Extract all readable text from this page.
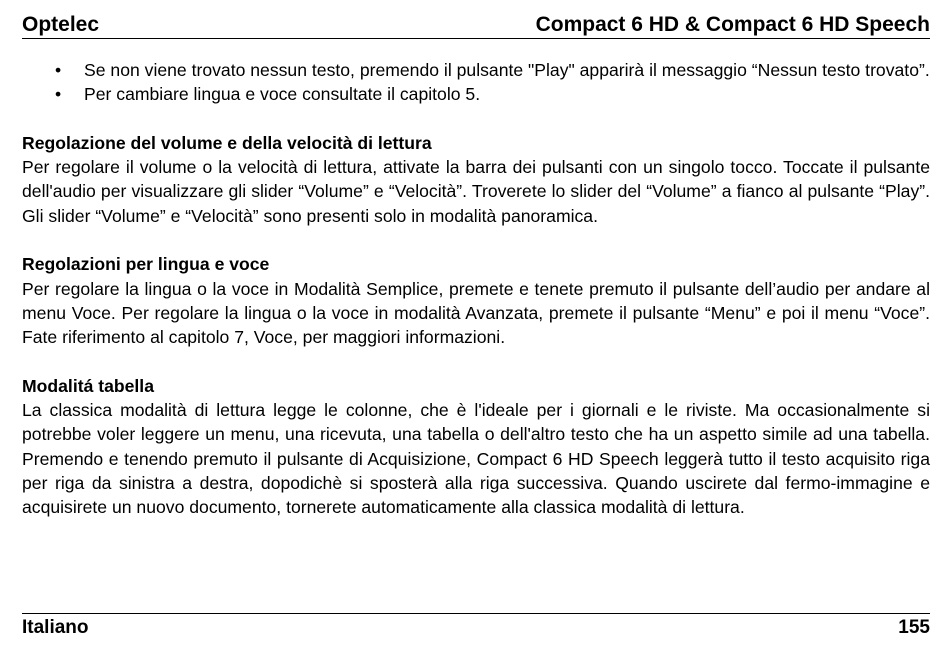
Optelec	Compact 6 HD & Compact 6 HD Speech
• Se non viene trovato nessun testo, premendo il pulsante "Play" apparirà il messaggio “Nessun testo trovato”.
• Per cambiare lingua e voce consultate il capitolo 5.
Regolazione del volume e della velocità di lettura

Per regolare il volume o la velocità di lettura, attivate la barra dei pulsanti con un singolo tocco. Toccate il pulsante dell'audio per visualizzare gli slider “Volume” e “Velocità”. Troverete lo slider del “Volume” a fianco al pulsante “Play”. Gli slider “Volume” e “Velocità” sono presenti solo in modalità panoramica.

Regolazioni per lingua e voce

Per regolare la lingua o la voce in Modalità Semplice, premete e tenete premuto il pulsante dell’audio per andare al menu Voce. Per regolare la lingua o la voce in modalità Avanzata, premete il pulsante “Menu” e poi il menu “Voce”. Fate riferimento al capitolo 7, Voce, per maggiori informazioni.

Modalitá tabella

La classica modalità di lettura legge le colonne, che è l'ideale per i giornali e le riviste. Ma occasionalmente si potrebbe voler leggere un menu, una ricevuta, una tabella o dell'altro testo che ha un aspetto simile ad una tabella. Premendo e tenendo premuto il pulsante di Acquisizione, Compact 6 HD Speech leggerà tutto il testo acquisito riga per riga da sinistra a destra, dopodichè si sposterà alla riga successiva. Quando uscirete dal fermo-immagine e acquisirete un nuovo documento, tornerete automaticamente alla classica modalità di lettura.

Italiano	155
